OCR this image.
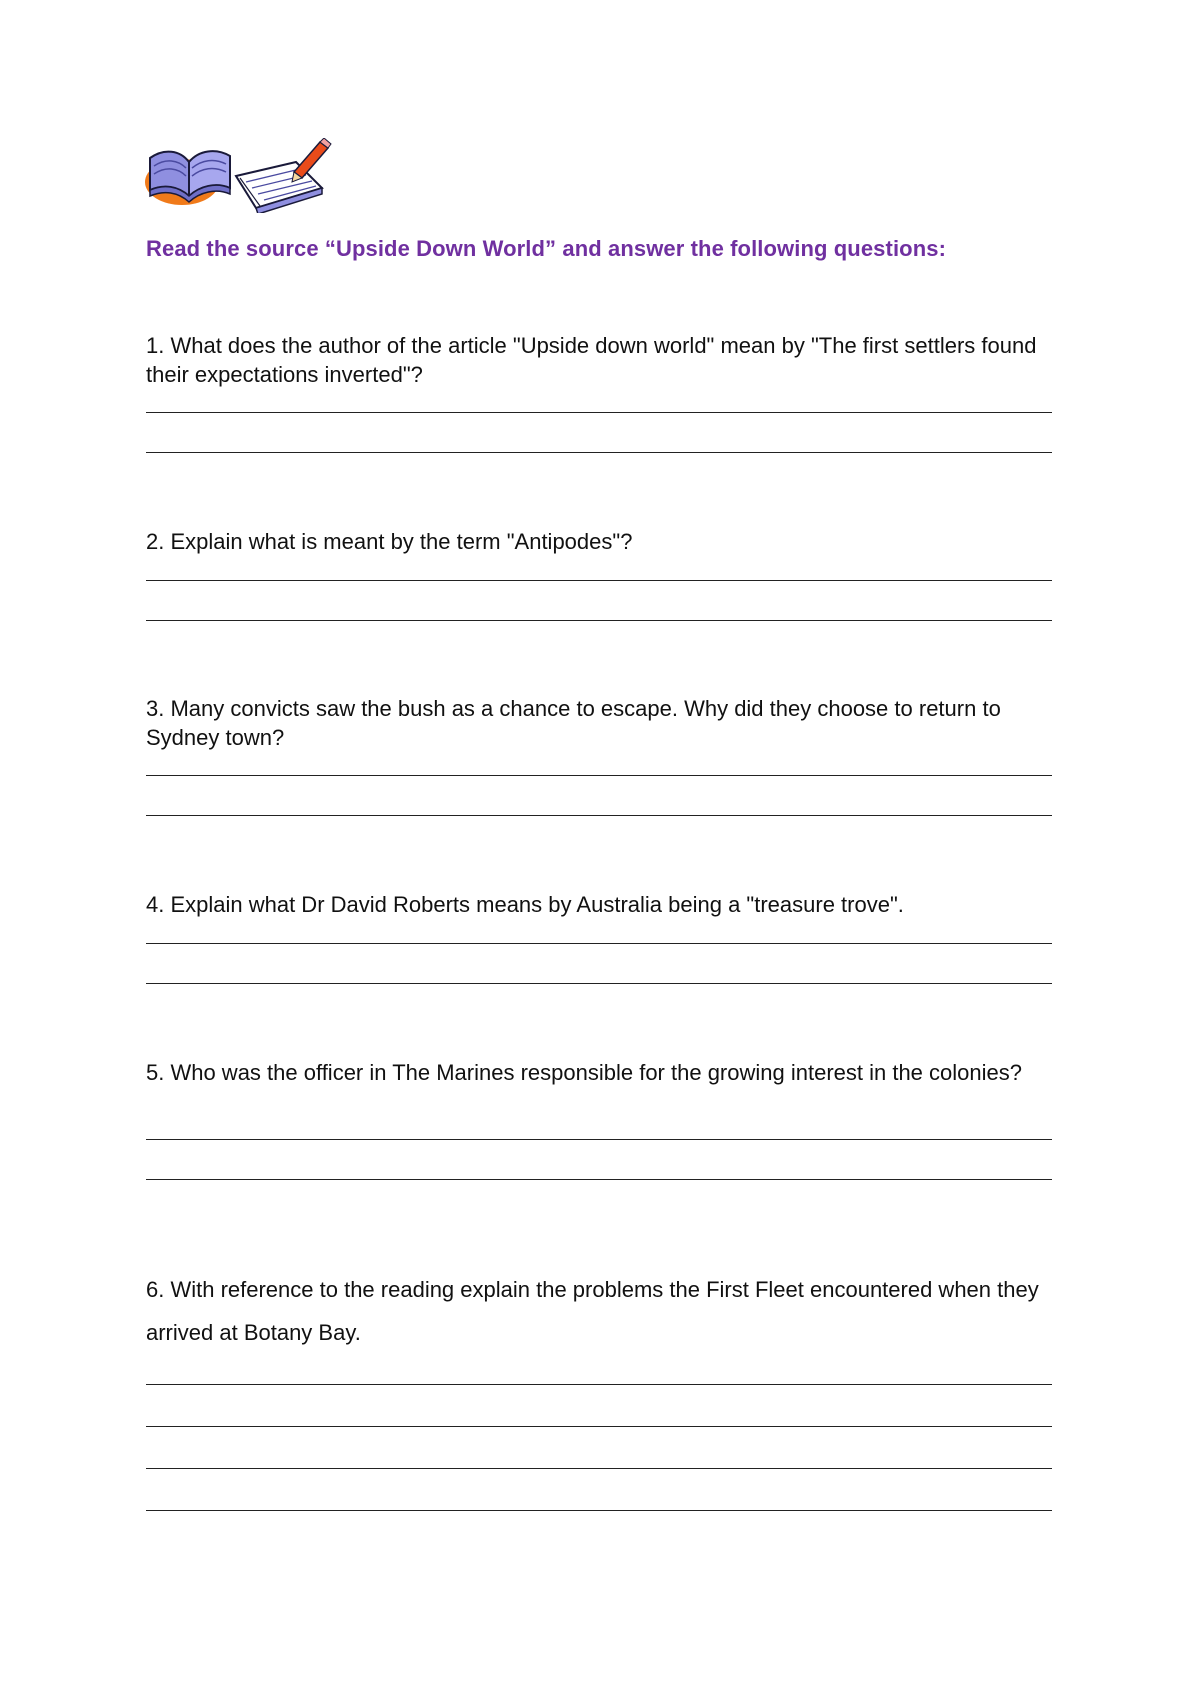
Read the source “Upside Down World” and answer the following questions:
1. What does the author of the article "Upside down world" mean by "The first settlers found their expectations inverted"?
2. Explain what is meant by the term "Antipodes"?
3. Many convicts saw the bush as a chance to escape. Why did they choose to return to Sydney town?
4. Explain what Dr David Roberts means by Australia being a "treasure trove".
5. Who was the officer in The Marines responsible for the growing interest in the colonies?
6. With reference to the reading explain the problems the First Fleet encountered when they arrived at Botany Bay.
